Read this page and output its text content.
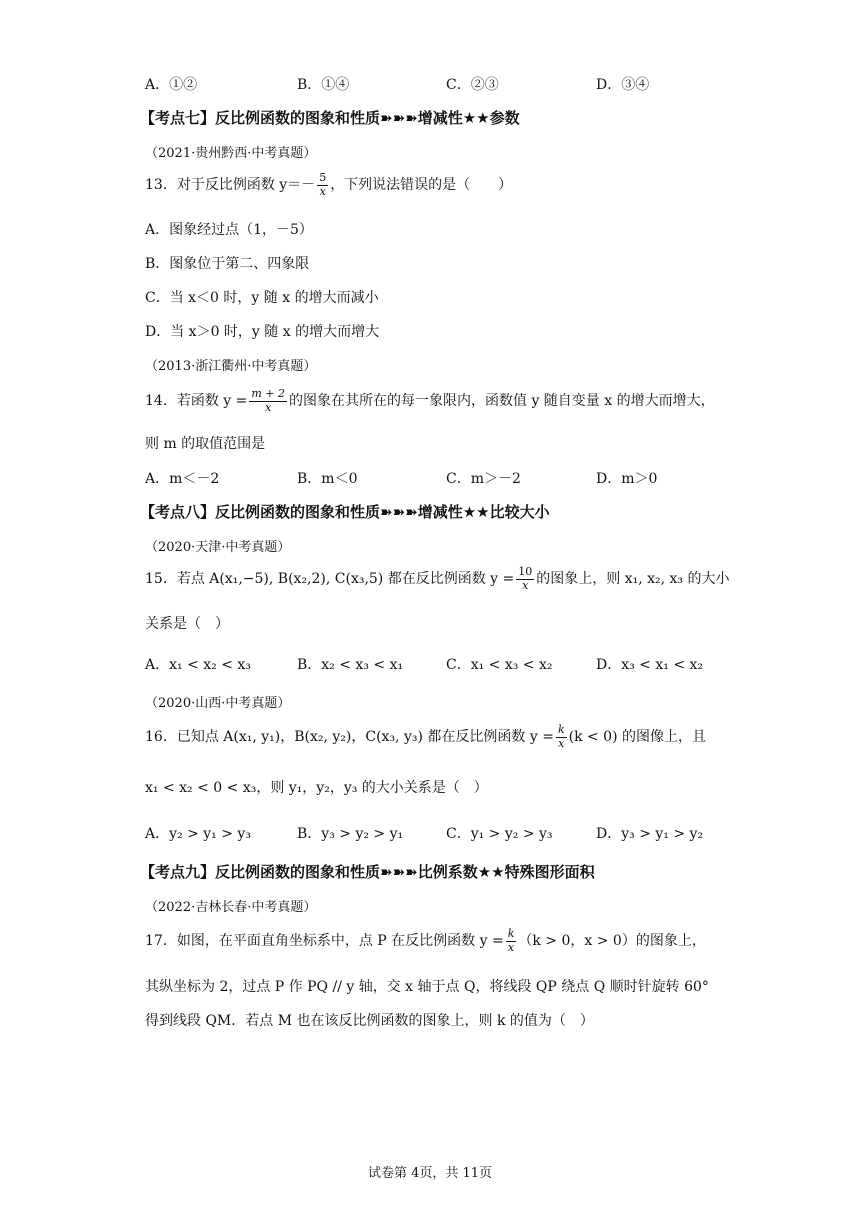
A．①②	B．①④	C．②③	D．③④
【考点七】反比例函数的图象和性质➽➽➽增减性★★参数
（2021·贵州黔西·中考真题）
13．对于反比例函数 $y=- \frac{5}{x}$ ，下列说法错误的是（　　）
A．图象经过点（1，－5）
B．图象位于第二、四象限
C．当 x＜0 时，y 随 x 的增大而减小
D．当 x＞0 时，y 随 x 的增大而增大
（2013·浙江衢州·中考真题）
14．若函数 $y = \frac{m + 2}{x}$ 的图象在其所在的每一象限内，函数值 y 随自变量 x 的增大而增大，
则 m 的取值范围是
A．m＜－2	B．m＜0	C．m＞－2	D．m＞0
【考点八】反比例函数的图象和性质➽➽➽增减性★★比较大小
（2020·天津·中考真题）
15．若点 A(x₁,−5), B(x₂,2), C(x₃,5) 都在反比例函数 $y = \frac{10}{x}$ 的图象上，则 x₁, x₂, x₃ 的大小
关系是（　）
A．x₁ < x₂ < x₃	B．x₂ < x₃ < x₁	C．x₁ < x₃ < x₂	D．x₃ < x₁ < x₂
（2020·山西·中考真题）
16．已知点 A(x₁, y₁)，B(x₂, y₂)，C(x₃, y₃) 都在反比例函数 $y = \frac{k}{x} (k < 0)$ 的图像上，且
x₁ < x₂ < 0 < x₃，则 y₁，y₂，y₃ 的大小关系是（　）
A．y₂ > y₁ > y₃	B．y₃ > y₂ > y₁	C．y₁ > y₂ > y₃	D．y₃ > y₁ > y₂
【考点九】反比例函数的图象和性质➽➽➽比例系数★★特殊图形面积
（2022·吉林长春·中考真题）
17．如图，在平面直角坐标系中，点 P 在反比例函数 $y = \frac{k}{x} (k > 0$，x > 0）的图象上，
其纵坐标为 2，过点 P 作 PQ // y 轴，交 x 轴于点 Q，将线段 QP 绕点 Q 顺时针旋转 60°
得到线段 QM．若点 M 也在该反比例函数的图象上，则 k 的值为（　）
试卷第 4页，共 11页
